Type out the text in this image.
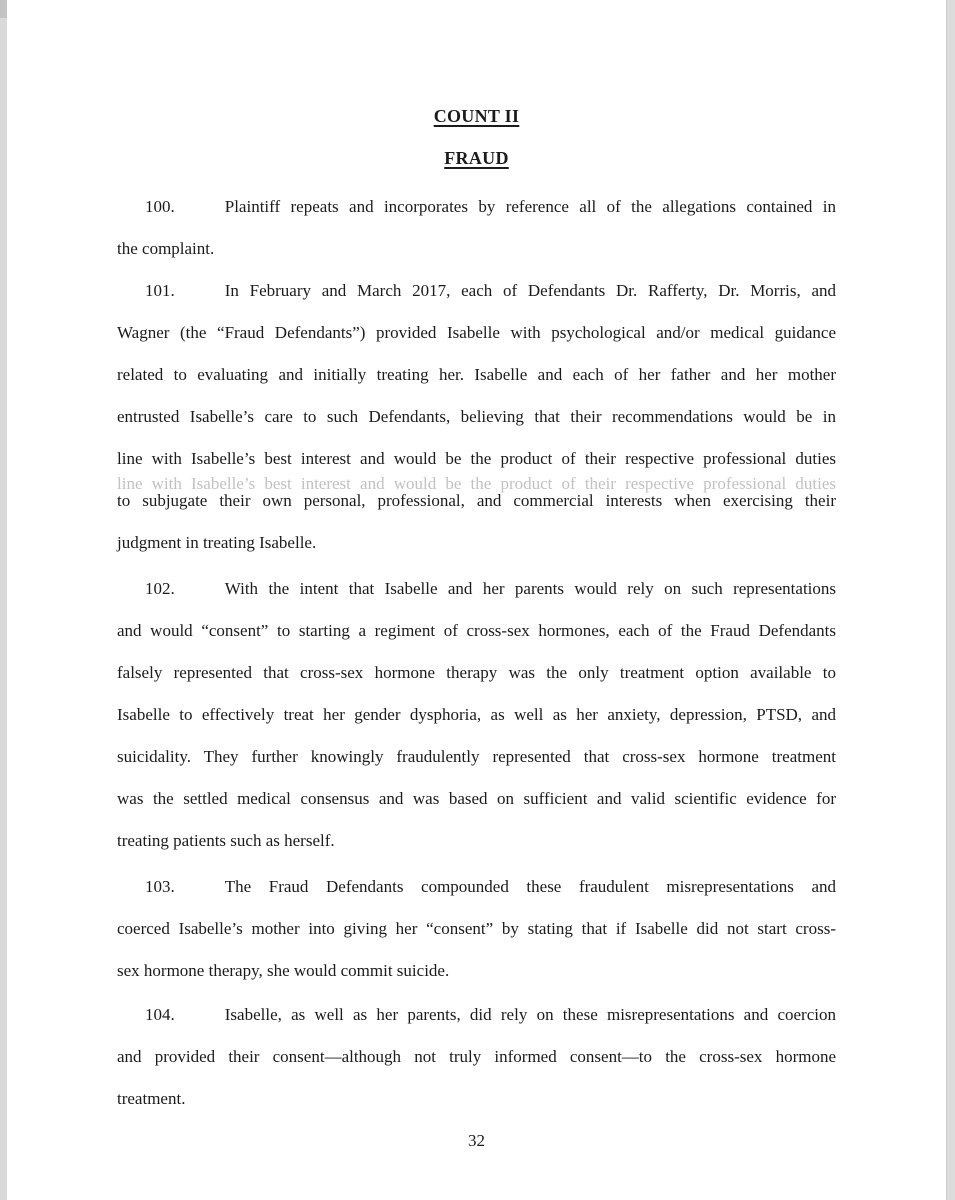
COUNT II
FRAUD
100.	Plaintiff repeats and incorporates by reference all of the allegations contained in
the complaint.
101.	In February and March 2017, each of Defendants Dr. Rafferty, Dr. Morris, and
Wagner (the “Fraud Defendants”) provided Isabelle with psychological and/or medical guidance
related to evaluating and initially treating her. Isabelle and each of her father and her mother
entrusted Isabelle’s care to such Defendants, believing that their recommendations would be in
line with Isabelle’s best interest and would be the product of their respective professional duties
line with Isabelle’s best interest and would be the product of their respective professional duties
to subjugate their own personal, professional, and commercial interests when exercising their
judgment in treating Isabelle.
102.	With the intent that Isabelle and her parents would rely on such representations
and would “consent” to starting a regiment of cross-sex hormones, each of the Fraud Defendants
falsely represented that cross-sex hormone therapy was the only treatment option available to
Isabelle to effectively treat her gender dysphoria, as well as her anxiety, depression, PTSD, and
suicidality. They further knowingly fraudulently represented that cross-sex hormone treatment
was the settled medical consensus and was based on sufficient and valid scientific evidence for
treating patients such as herself.
103.	The Fraud Defendants compounded these fraudulent misrepresentations and
coerced Isabelle’s mother into giving her “consent” by stating that if Isabelle did not start cross-
sex hormone therapy, she would commit suicide.
104.	Isabelle, as well as her parents, did rely on these misrepresentations and coercion
and provided their consent—although not truly informed consent—to the cross-sex hormone
treatment.
32
